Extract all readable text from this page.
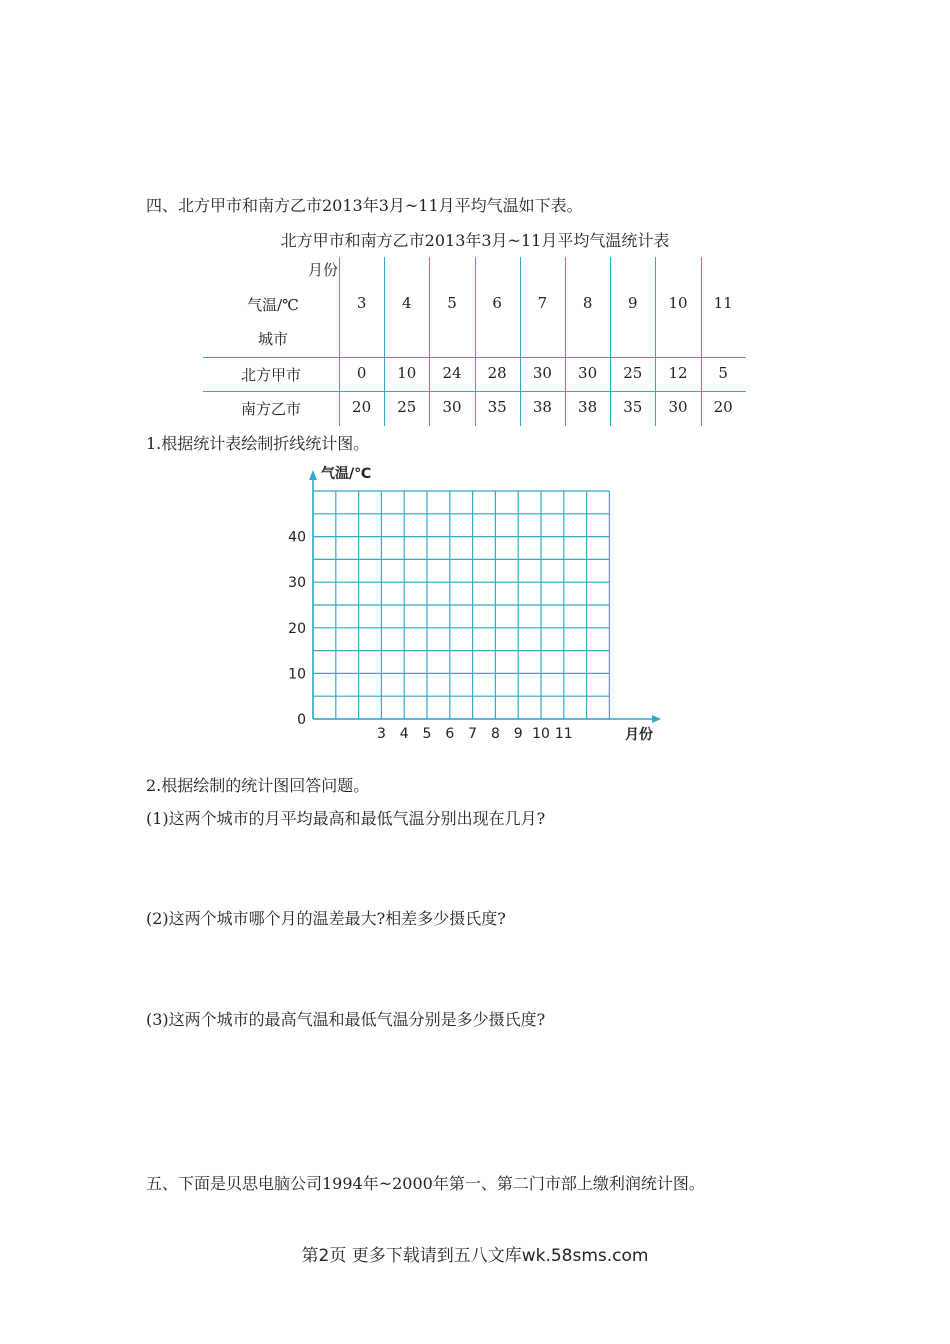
四、北方甲市和南方乙市2013年3月~11月平均气温如下表。
北方甲市和南方乙市2013年3月~11月平均气温统计表
月份
气温/℃
城市
3	4	5	6	7	8	9	10	11
北方甲市	0	10	24	28	30	30	25	12	5
南方乙市	20	25	30	35	38	38	35	30	20
1.根据统计表绘制折线统计图。
0
10
20
30
40
3 4 5 6 7 8 9 10 11
气温/℃
月份
2.根据绘制的统计图回答问题。
(1)这两个城市的月平均最高和最低气温分别出现在几月?
(2)这两个城市哪个月的温差最大?相差多少摄氏度?
(3)这两个城市的最高气温和最低气温分别是多少摄氏度?
五、下面是贝思电脑公司1994年~2000年第一、第二门市部上缴利润统计图。
第2页 更多下载请到五八文库wk.58sms.com
